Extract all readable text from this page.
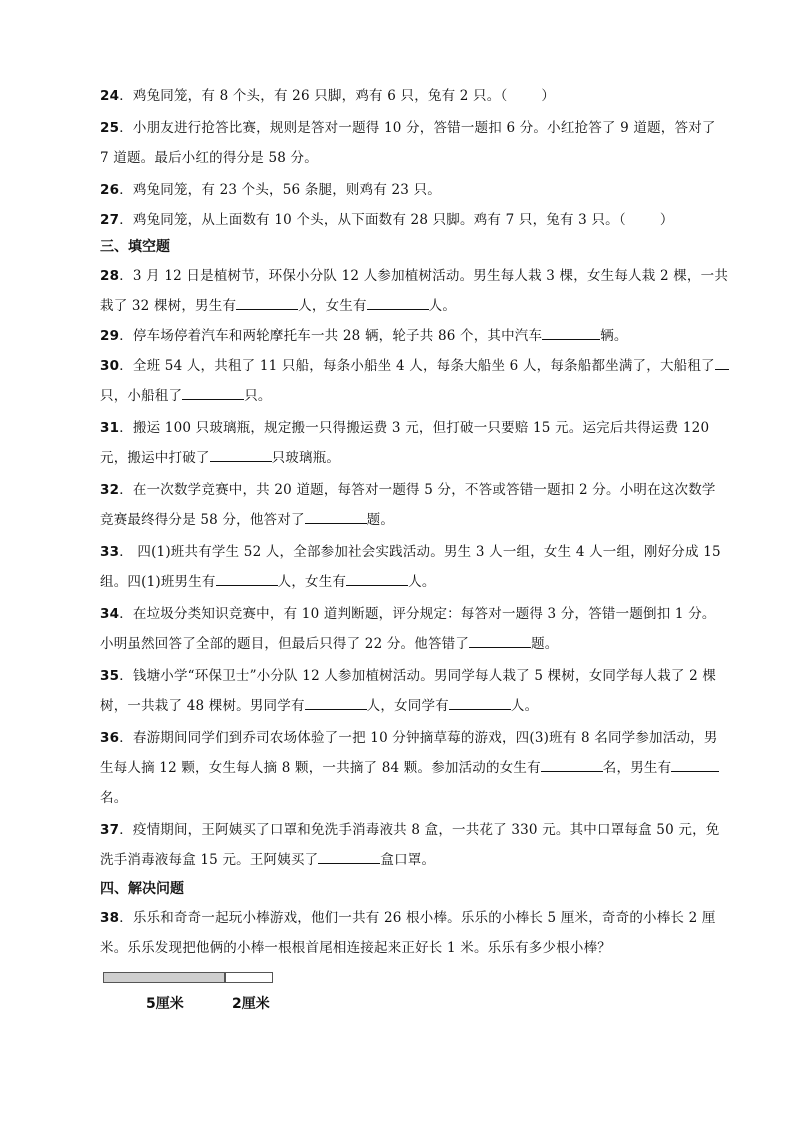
24．鸡兔同笼，有 8 个头，有 26 只脚，鸡有 6 只，兔有 2 只。（	）
25．小朋友进行抢答比赛，规则是答对一题得 10 分，答错一题扣 6 分。小红抢答了 9 道题，答对了
7 道题。最后小红的得分是 58 分。
26．鸡兔同笼，有 23 个头，56 条腿，则鸡有 23 只。
27．鸡兔同笼，从上面数有 10 个头，从下面数有 28 只脚。鸡有 7 只，兔有 3 只。（	）
三、填空题
28．3 月 12 日是植树节，环保小分队 12 人参加植树活动。男生每人栽 3 棵，女生每人栽 2 棵，一共
栽了 32 棵树，男生有	人，女生有	人。
29．停车场停着汽车和两轮摩托车一共 28 辆，轮子共 86 个，其中汽车	辆。
30．全班 54 人，共租了 11 只船，每条小船坐 4 人，每条大船坐 6 人，每条船都坐满了，大船租了
只，小船租了	只。
31．搬运 100 只玻璃瓶，规定搬一只得搬运费 3 元，但打破一只要赔 15 元。运完后共得运费 120
元，搬运中打破了	只玻璃瓶。
32．在一次数学竞赛中，共 20 道题，每答对一题得 5 分，不答或答错一题扣 2 分。小明在这次数学
竞赛最终得分是 58 分，他答对了	题。
33． 四(1)班共有学生 52 人，全部参加社会实践活动。男生 3 人一组，女生 4 人一组，刚好分成 15
组。四(1)班男生有	人，女生有	人。
34．在垃圾分类知识竞赛中，有 10 道判断题，评分规定：每答对一题得 3 分，答错一题倒扣 1 分。
小明虽然回答了全部的题目，但最后只得了 22 分。他答错了	题。
35．钱塘小学“环保卫士”小分队 12 人参加植树活动。男同学每人栽了 5 棵树，女同学每人栽了 2 棵
树，一共栽了 48 棵树。男同学有	人，女同学有	人。
36．春游期间同学们到乔司农场体验了一把 10 分钟摘草莓的游戏，四(3)班有 8 名同学参加活动，男
生每人摘 12 颗，女生每人摘 8 颗，一共摘了 84 颗。参加活动的女生有	名，男生有
名。
37．疫情期间，王阿姨买了口罩和免洗手消毒液共 8 盒，一共花了 330 元。其中口罩每盒 50 元，免
洗手消毒液每盒 15 元。王阿姨买了	盒口罩。
四、解决问题
38．乐乐和奇奇一起玩小棒游戏，他们一共有 26 根小棒。乐乐的小棒长 5 厘米，奇奇的小棒长 2 厘
米。乐乐发现把他俩的小棒一根根首尾相连接起来正好长 1 米。乐乐有多少根小棒？
5厘米	2厘米
